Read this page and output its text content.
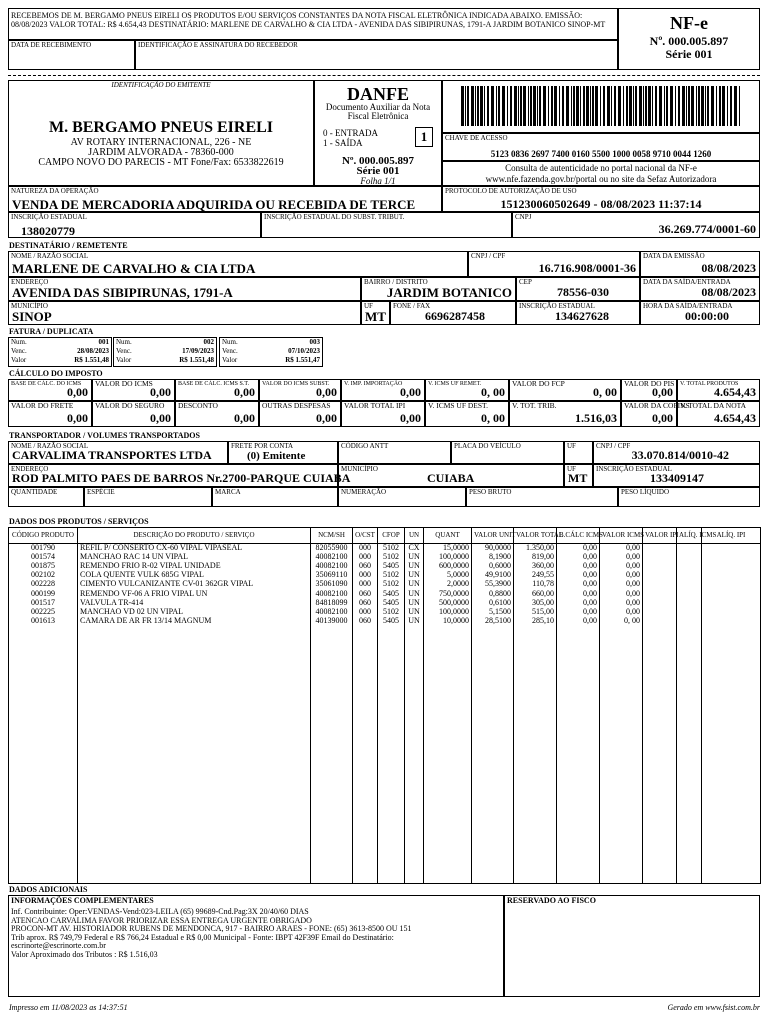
RECEBEMOS DE M. BERGAMO PNEUS EIRELI OS PRODUTOS E/OU SERVIÇOS CONSTANTES DA NOTA FISCAL ELETRÔNICA INDICADA ABAIXO. EMISSÃO: 08/08/2023 VALOR TOTAL: R$ 4.654,43 DESTINATÁRIO: MARLENE DE CARVALHO & CIA LTDA - AVENIDA DAS SIBIPIRUNAS, 1791-A JARDIM BOTANICO SINOP-MT
DATA DE RECEBIMENTO	IDENTIFICAÇÃO E ASSINATURA DO RECEBEDOR
NF-e
Nº. 000.005.897
Série 001
IDENTIFICAÇÃO DO EMITENTE
M. BERGAMO PNEUS EIRELI
AV ROTARY INTERNACIONAL, 226 - NE
JARDIM ALVORADA - 78360-000
CAMPO NOVO DO PARECIS - MT Fone/Fax: 6533822619
DANFE
Documento Auxiliar da Nota
Fiscal Eletrônica
0 - ENTRADA
1 - SAÍDA	1
Nº. 000.005.897
Série 001
Folha 1/1
CHAVE DE ACESSO
5123 0836 2697 7400 0160 5500 1000 0058 9710 0044 1260
Consulta de autenticidade no portal nacional da NF-e
www.nfe.fazenda.gov.br/portal ou no site da Sefaz Autorizadora
NATUREZA DA OPERAÇÃO
VENDA DE MERCADORIA ADQUIRIDA OU RECEBIDA DE TERCE
PROTOCOLO DE AUTORIZAÇÃO DE USO
151230060502649 - 08/08/2023 11:37:14
INSCRIÇÃO ESTADUAL
138020779
INSCRIÇÃO ESTADUAL DO SUBST. TRIBUT.	CNPJ
36.269.774/0001-60
DESTINATÁRIO / REMETENTE
NOME / RAZÃO SOCIAL
MARLENE DE CARVALHO & CIA LTDA
CNPJ / CPF
16.716.908/0001-36
DATA DA EMISSÃO
08/08/2023
ENDEREÇO
AVENIDA DAS SIBIPIRUNAS, 1791-A
BAIRRO / DISTRITO
JARDIM BOTANICO
CEP
78556-030
DATA DA SAÍDA/ENTRADA
08/08/2023
MUNICÍPIO
SINOP
UF
MT
FONE / FAX
6696287458
INSCRIÇÃO ESTADUAL
134627628
HORA DA SAÍDA/ENTRADA
00:00:00
FATURA / DUPLICATA
Num.	001
Venc.	28/08/2023
Valor	R$ 1.551,48
Num.	002
Venc.	17/09/2023
Valor	R$ 1.551,48
Num.	003
Venc.	07/10/2023
Valor	R$ 1.551,47
CÁLCULO DO IMPOSTO
BASE DE CÁLC. DO ICMS
0,00
VALOR DO ICMS
0,00
BASE DE CÁLC. ICMS S.T.
0,00
VALOR DO ICMS SUBST.
0,00
V. IMP. IMPORTAÇÃO
0,00
V. ICMS UF REMET.
0, 00
VALOR DO FCP
0, 00
VALOR DO PIS
0,00
V. TOTAL PRODUTOS
4.654,43
VALOR DO FRETE
0,00
VALOR DO SEGURO
0,00
DESCONTO
0,00
OUTRAS DESPESAS
0,00
VALOR TOTAL IPI
0,00
V. ICMS UF DEST.
0, 00
V. TOT. TRIB.
1.516,03
VALOR DA COFINS
0,00
V. TOTAL DA NOTA
4.654,43
TRANSPORTADOR / VOLUMES TRANSPORTADOS
NOME / RAZÃO SOCIAL
CARVALIMA TRANSPORTES LTDA
FRETE POR CONTA
(0) Emitente
CÓDIGO ANTT	PLACA DO VEÍCULO	UF	CNPJ / CPF
33.070.814/0010-42
ENDEREÇO
ROD PALMITO PAES DE BARROS Nr.2700-PARQUE CUIABA
MUNICÍPIO
CUIABA
UF
MT
INSCRIÇÃO ESTADUAL
133409147
QUANTIDADE	ESPÉCIE	MARCA	NUMERAÇÃO	PESO BRUTO	PESO LÍQUIDO
DADOS DOS PRODUTOS / SERVIÇOS
CÓDIGO PRODUTO	DESCRIÇÃO DO PRODUTO / SERVIÇO	NCM/SH	O/CST	CFOP	UN	QUANT	VALOR UNIT	VALOR TOTAL	B.CÁLC ICMS	VALOR ICMS	VALOR IPI	ALÍQ. ICMS	ALÍQ. IPI
001790	REFIL P/ CONSERTO CX-60 VIPAL VIPASEAL	82055900	000	5102	CX	15,0000	90,0000	1.350,00	0,00	0,00			
001574	MANCHAO RAC 14 UN VIPAL	40082100	000	5102	UN	100,0000	8,1900	819,00	0,00	0,00			
001875	REMENDO FRIO R-02 VIPAL UNIDADE	40082100	060	5405	UN	600,0000	0,6000	360,00	0,00	0,00			
002102	COLA QUENTE VULK 685G VIPAL	35069110	000	5102	UN	5,0000	49,9100	249,55	0,00	0,00			
002228	CIMENTO VULCANIZANTE CV-01 362GR VIPAL	35061090	000	5102	UN	2,0000	55,3900	110,78	0,00	0,00			
000199	REMENDO VF-06 A FRIO VIPAL UN	40082100	060	5405	UN	750,0000	0,8800	660,00	0,00	0,00			
001517	VALVULA TR-414	84818099	060	5405	UN	500,0000	0,6100	305,00	0,00	0,00			
002225	MANCHAO VD 02 UN VIPAL	40082100	000	5102	UN	100,0000	5,1500	515,00	0,00	0,00			
001613	CAMARA DE AR FR 13/14 MAGNUM	40139000	060	5405	UN	10,0000	28,5100	285,10	0,00	0, 00			

DADOS ADICIONAIS
INFORMAÇÕES COMPLEMENTARES
Inf. Contribuinte: Oper:VENDAS-Vend:023-LEILA (65) 99689-Cnd.Pag:3X 20/40/60 DIAS
ATENCAO CARVALIMA FAVOR PRIORIZAR ESSA ENTREGA URGENTE OBRIGADO
PROCON-MT AV. HISTORIADOR RUBENS DE MENDONCA, 917 - BAIRRO ARAES - FONE: (65) 3613-8500 OU 151
Trib aprox. R$ 749,79 Federal e R$ 766,24 Estadual e R$ 0,00 Municipal - Fonte: IBPT 42F39F Email do Destinatário:
escrinorte@escrinorte.com.br
Valor Aproximado dos Tributos : R$ 1.516,03
RESERVADO AO FISCO
Impresso em 11/08/2023 as 14:37:51	Gerado em www.fsist.com.br
